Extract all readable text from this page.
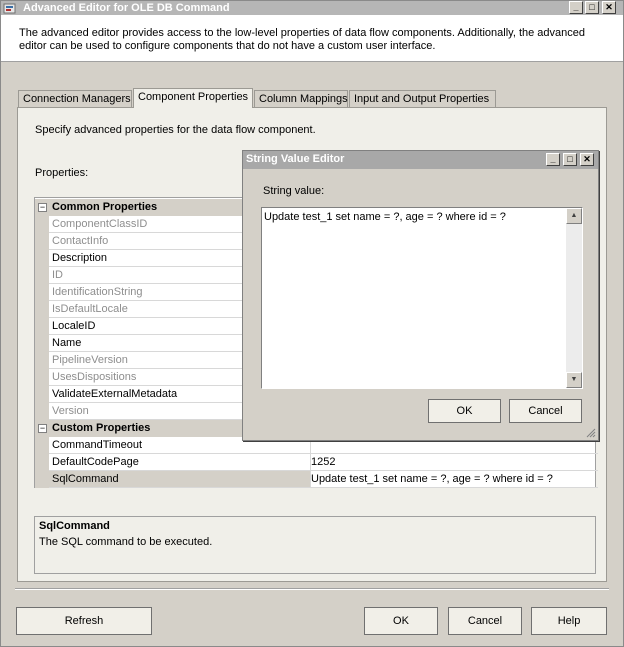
Advanced Editor for OLE DB Command	_	□	✕
The advanced editor provides access to the low-level properties of data flow components. Additionally, the advanced editor can be used to configure components that do not have a custom user interface.
Connection Managers Component Properties Column Mappings Input and Output Properties
Specify advanced properties for the data flow component.
Properties:
− Common Properties
ComponentClassID
ContactInfo
Description
ID
IdentificationString
IsDefaultLocale
LocaleID
Name
PipelineVersion
UsesDispositions
ValidateExternalMetadata
Version
− Custom Properties
CommandTimeout
DefaultCodePage	1252
SqlCommand	Update test_1 set name = ?, age = ? where id = ?
SqlCommand
The SQL command to be executed.
Refresh	OK	Cancel	Help
String Value Editor	_	□	✕
String value:
Update test_1 set name = ?, age = ? where id = ?	▲
▼
OK	Cancel
